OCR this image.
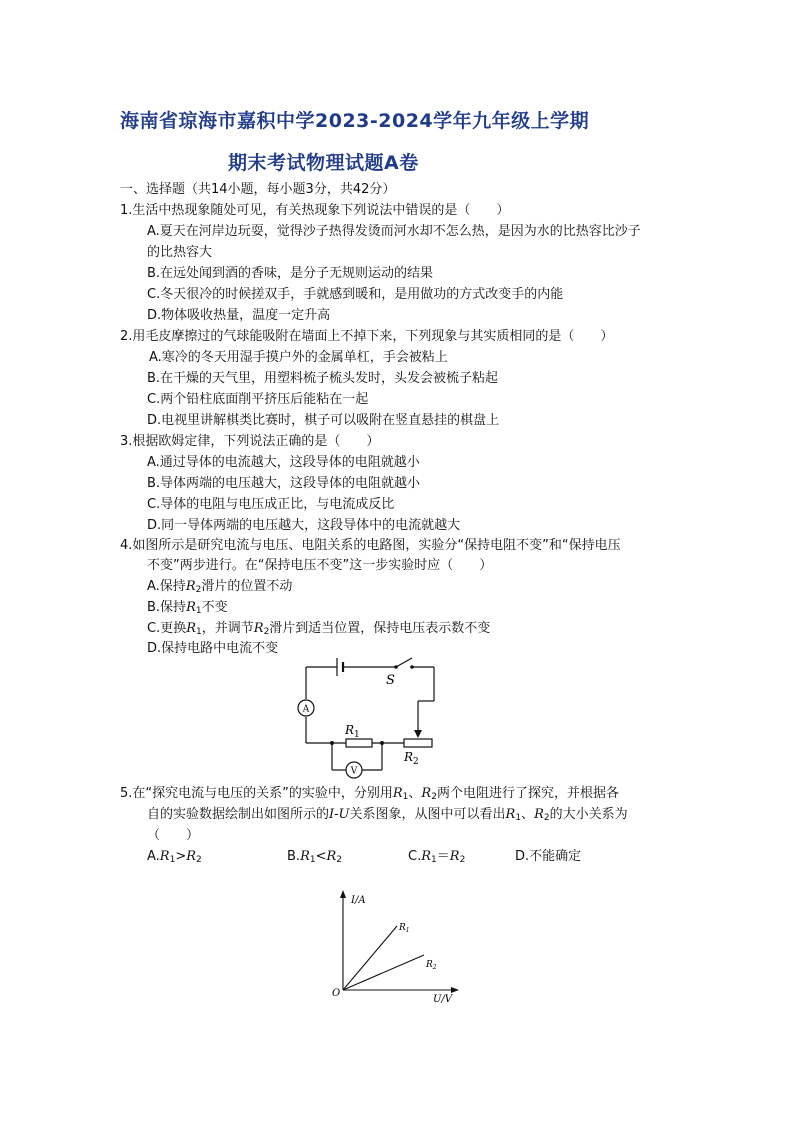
海南省琼海市嘉积中学2023-2024学年九年级上学期
期末考试物理试题A卷
一、选择题（共14小题，每小题3分，共42分）
1.生活中热现象随处可见，有关热现象下列说法中错误的是（　　）
A.夏天在河岸边玩耍，觉得沙子热得发烫而河水却不怎么热，是因为水的比热容比沙子
的比热容大
B.在远处闻到酒的香味，是分子无规则运动的结果
C.冬天很冷的时候搓双手，手就感到暖和，是用做功的方式改变手的内能
D.物体吸收热量，温度一定升高
2.用毛皮摩擦过的气球能吸附在墙面上不掉下来，下列现象与其实质相同的是（　　）
A.寒冷的冬天用湿手摸户外的金属单杠，手会被粘上
B.在干燥的天气里，用塑料梳子梳头发时，头发会被梳子粘起
C.两个铅柱底面削平挤压后能粘在一起
D.电视里讲解棋类比赛时，棋子可以吸附在竖直悬挂的棋盘上
3.根据欧姆定律，下列说法正确的是（　　）
A.通过导体的电流越大，这段导体的电阻就越小
B.导体两端的电压越大，这段导体的电阻就越小
C.导体的电阻与电压成正比，与电流成反比
D.同一导体两端的电压越大，这段导体中的电流就越大
4.如图所示是研究电流与电压、电阻关系的电路图，实验分“保持电阻不变”和“保持电压
不变”两步进行。在“保持电压不变”这一步实验时应（　　）
A.保持$R_2$滑片的位置不动
B.保持$R_1$不变
C.更换$R_1$，并调节$R_2$滑片到适当位置，保持电压表示数不变
D.保持电路中电流不变
A
V
S
$R_1$
$R_2$
5.在“探究电流与电压的关系”的实验中，分别用$R_1$、$R_2$两个电阻进行了探究，并根据各
自的实验数据绘制出如图所示的I-U关系图象，从图中可以看出$R_1$、$R_2$的大小关系为
（　　）
$A.R_1>R_2$	$B.R_1<R_2$	$C.R_1=R_2$	D.不能确定
I/A
U/V
O
$R_1$
$R_2$
